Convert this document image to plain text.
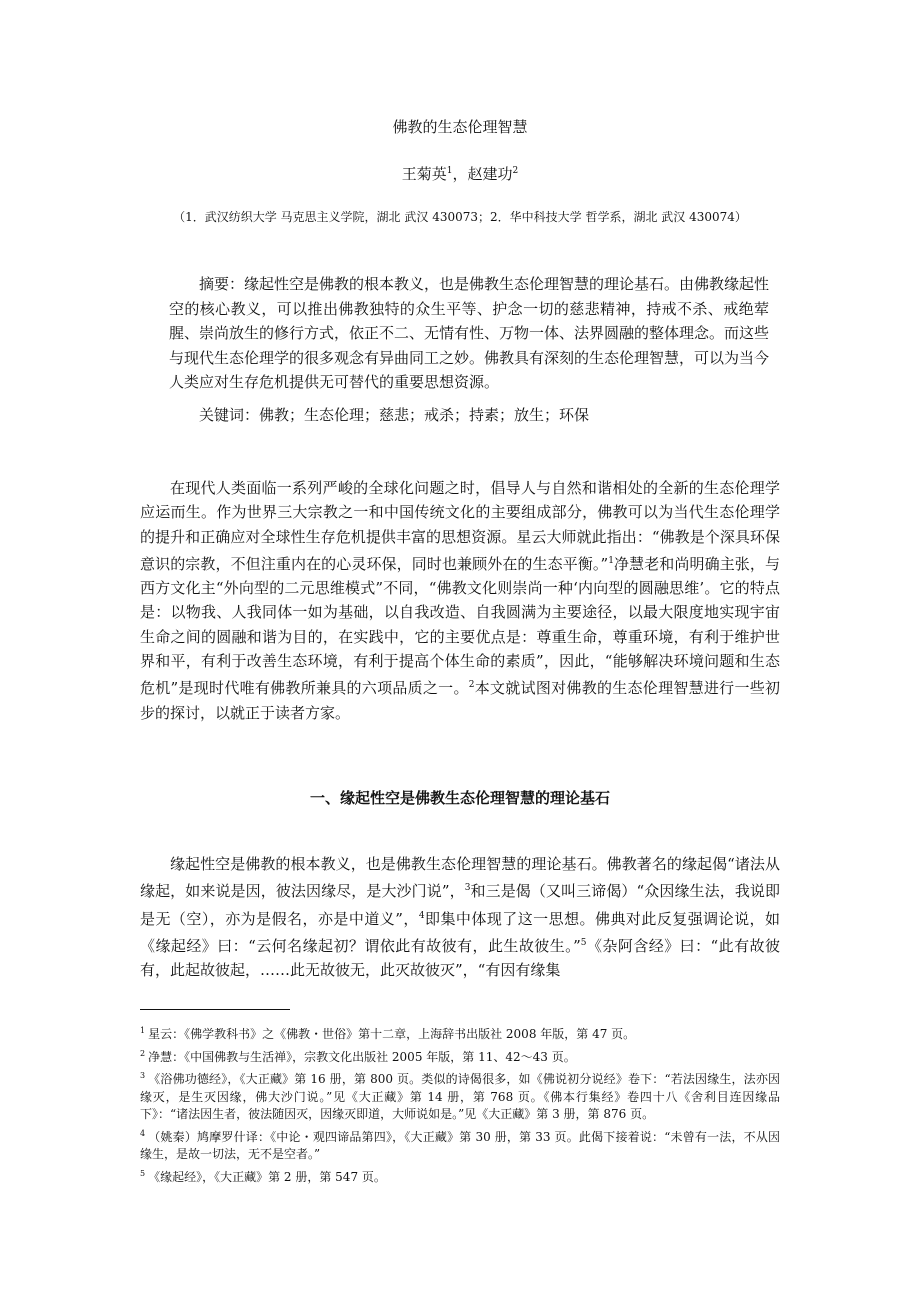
佛教的生态伦理智慧
王菊英$^1$，赵建功$^2$
（1．武汉纺织大学 马克思主义学院，湖北 武汉 430073；2．华中科技大学 哲学系，湖北 武汉 430074）

摘要：缘起性空是佛教的根本教义，也是佛教生态伦理智慧的理论基石。由佛教缘起性空的核心教义，可以推出佛教独特的众生平等、护念一切的慈悲精神，持戒不杀、戒绝荤腥、崇尚放生的修行方式，依正不二、无情有性、万物一体、法界圆融的整体理念。而这些与现代生态伦理学的很多观念有异曲同工之妙。佛教具有深刻的生态伦理智慧，可以为当今人类应对生存危机提供无可替代的重要思想资源。

关键词：佛教；生态伦理；慈悲；戒杀；持素；放生；环保

在现代人类面临一系列严峻的全球化问题之时，倡导人与自然和谐相处的全新的生态伦理学应运而生。作为世界三大宗教之一和中国传统文化的主要组成部分，佛教可以为当代生态伦理学的提升和正确应对全球性生存危机提供丰富的思想资源。星云大师就此指出：“佛教是个深具环保意识的宗教，不但注重内在的心灵环保，同时也兼顾外在的生态平衡。”$^1$净慧老和尚明确主张，与西方文化主“外向型的二元思维模式”不同，“佛教文化则崇尚一种‘内向型的圆融思维’。它的特点是：以物我、人我同体一如为基础，以自我改造、自我圆满为主要途径，以最大限度地实现宇宙生命之间的圆融和谐为目的，在实践中，它的主要优点是：尊重生命，尊重环境，有利于维护世界和平，有利于改善生态环境，有利于提高个体生命的素质”，因此，“能够解决环境问题和生态危机”是现时代唯有佛教所兼具的六项品质之一。$^2$本文就试图对佛教的生态伦理智慧进行一些初步的探讨，以就正于读者方家。

一、缘起性空是佛教生态伦理智慧的理论基石

缘起性空是佛教的根本教义，也是佛教生态伦理智慧的理论基石。佛教著名的缘起偈“诸法从缘起，如来说是因，彼法因缘尽，是大沙门说”，$^3$和三是偈（又叫三谛偈）“众因缘生法，我说即是无（空），亦为是假名，亦是中道义”，$^4$即集中体现了这一思想。佛典对此反复强调论说，如《缘起经》曰：“云何名缘起初？谓依此有故彼有，此生故彼生。”$^5$《杂阿含经》曰：“此有故彼有，此起故彼起，……此无故彼无，此灭故彼灭”，“有因有缘集

$^1$ 星云：《佛学教科书》之《佛教・世俗》第十二章，上海辞书出版社 2008 年版，第 47 页。

$^2$ 净慧：《中国佛教与生活禅》，宗教文化出版社 2005 年版，第 11、42～43 页。

$^3$ 《浴佛功德经》，《大正藏》第 16 册，第 800 页。类似的诗偈很多，如《佛说初分说经》卷下：“若法因缘生，法亦因缘灭，是生灭因缘，佛大沙门说。”见《大正藏》第 14 册，第 768 页。《佛本行集经》卷四十八《舍利目连因缘品下》：“诸法因生者，彼法随因灭，因缘灭即道，大师说如是。”见《大正藏》第 3 册，第 876 页。

$^4$ （姚秦）鸠摩罗什译：《中论・观四谛品第四》，《大正藏》第 30 册，第 33 页。此偈下接着说：“未曾有一法，不从因缘生，是故一切法，无不是空者。”

$^5$ 《缘起经》，《大正藏》第 2 册，第 547 页。
